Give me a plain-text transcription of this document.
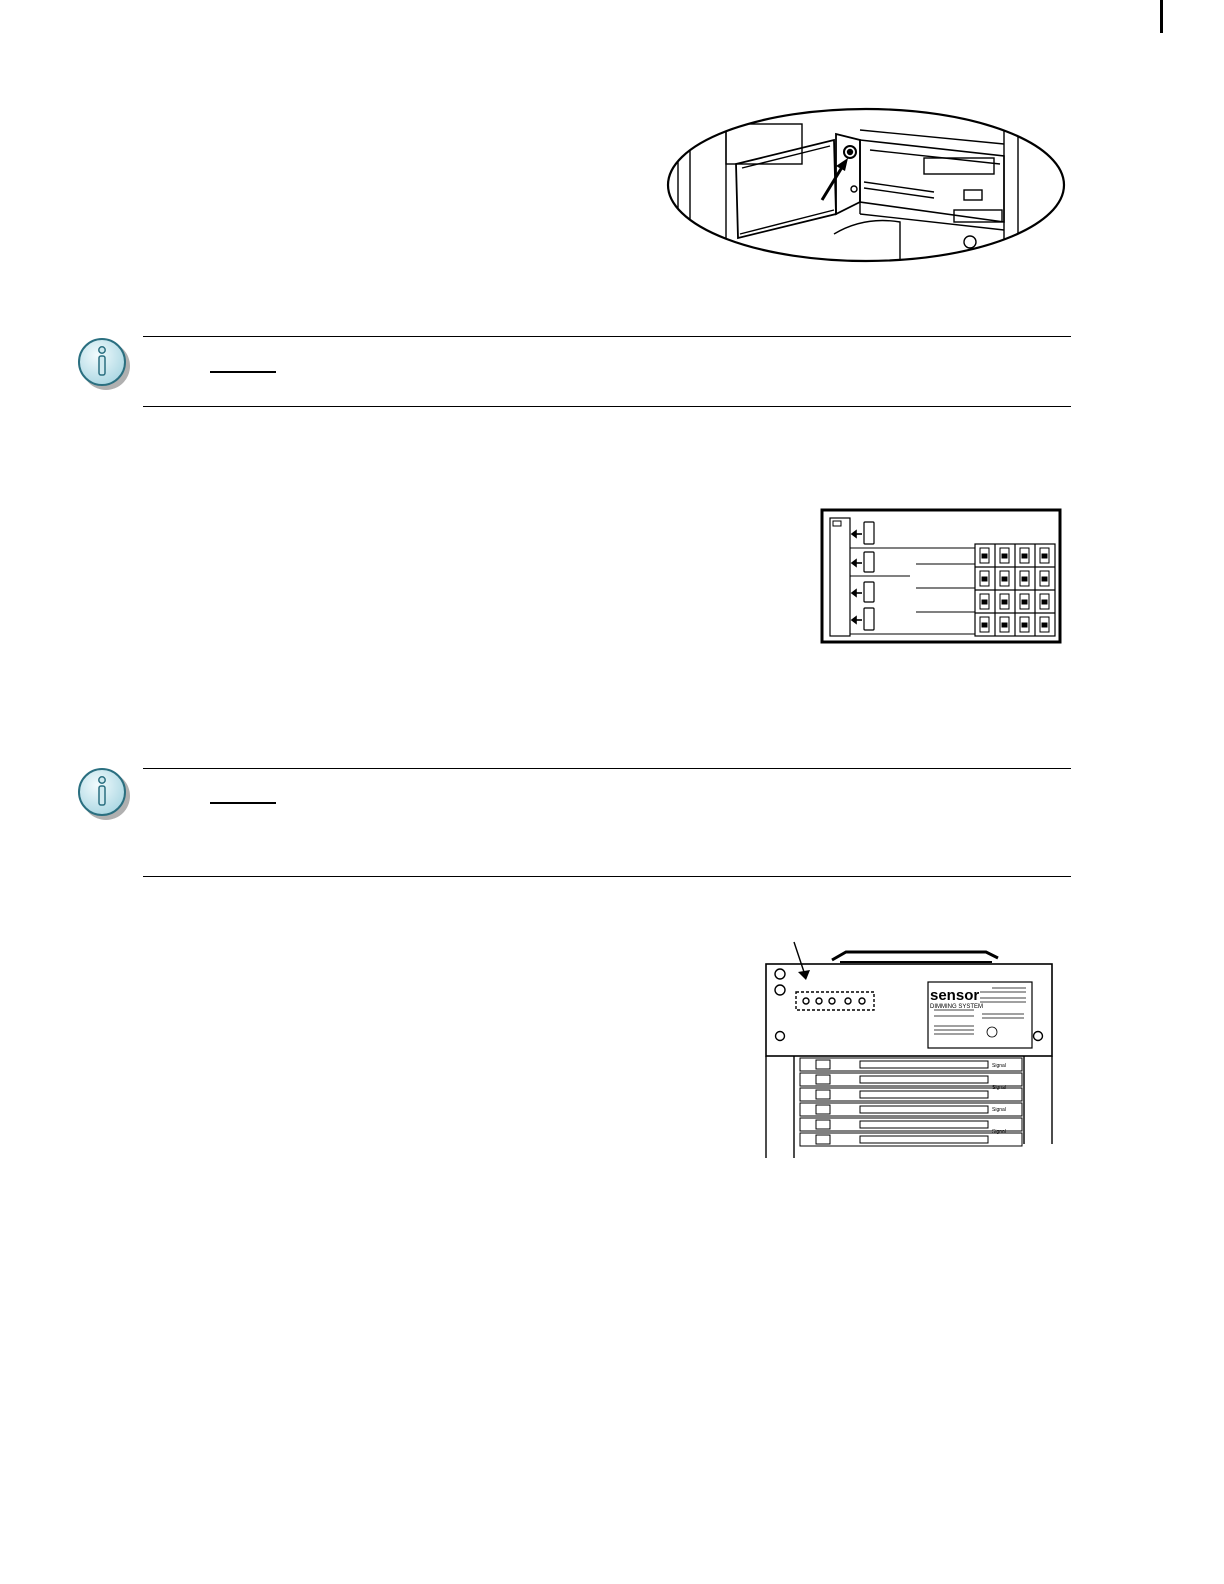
sensor
DIMMING SYSTEM
Signal
Signal
Signal
Signal
